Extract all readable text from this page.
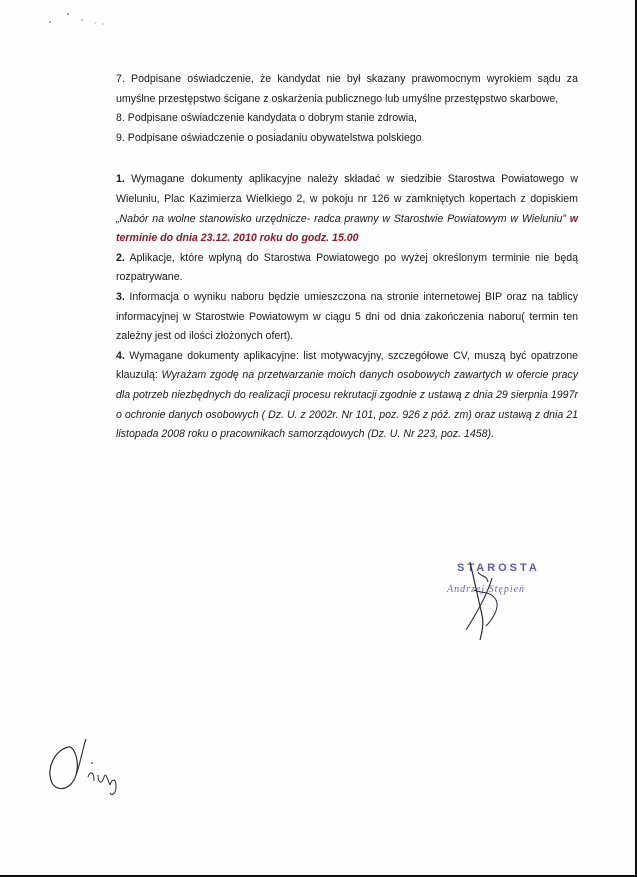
7. Podpisane oświadczenie, że kandydat nie był skazany prawomocnym wyrokiem sądu za umyślne przestępstwo ścigane z oskarżenia publicznego lub umyślne przestępstwo skarbowe,

8. Podpisane oświadczenie kandydata o dobrym stanie zdrowia,

9. Podpisane oświadczenie o posiadaniu obywatelstwa polskiego

1. Wymagane dokumenty aplikacyjne należy składać w siedzibie Starostwa Powiatowego w Wieluniu, Plac Kazimierza Wielkiego 2, w pokoju nr 126 w zamkniętych kopertach z dopiskiem „Nabór na wolne stanowisko urzędnicze- radca prawny w Starostwie Powiatowym w Wieluniu” w terminie do dnia 23.12. 2010 roku do godz. 15.00

2. Aplikacje, które wpłyną do Starostwa Powiatowego po wyżej określonym terminie nie będą rozpatrywane.

3. Informacja o wyniku naboru będzie umieszczona na stronie internetowej BIP oraz na tablicy informacyjnej w Starostwie Powiatowym w ciągu 5 dni od dnia zakończenia naboru( termin ten zależny jest od ilości złożonych ofert).

4. Wymagane dokumenty aplikacyjne: list motywacyjny, szczegółowe CV, muszą być opatrzone klauzulą: Wyrażam zgodę na przetwarzanie moich danych osobowych zawartych w ofercie pracy dla potrzeb niezbędnych do realizacji procesu rekrutacji zgodnie z ustawą z dnia 29 sierpnia 1997r o ochronie danych osobowych ( Dz. U. z 2002r. Nr 101, poz. 926 z póź. zm) oraz ustawą z dnia 21 listopada 2008 roku o pracownikach samorządowych (Dz. U. Nr 223, poz. 1458).

STAROSTA
Andrzej Stępień
